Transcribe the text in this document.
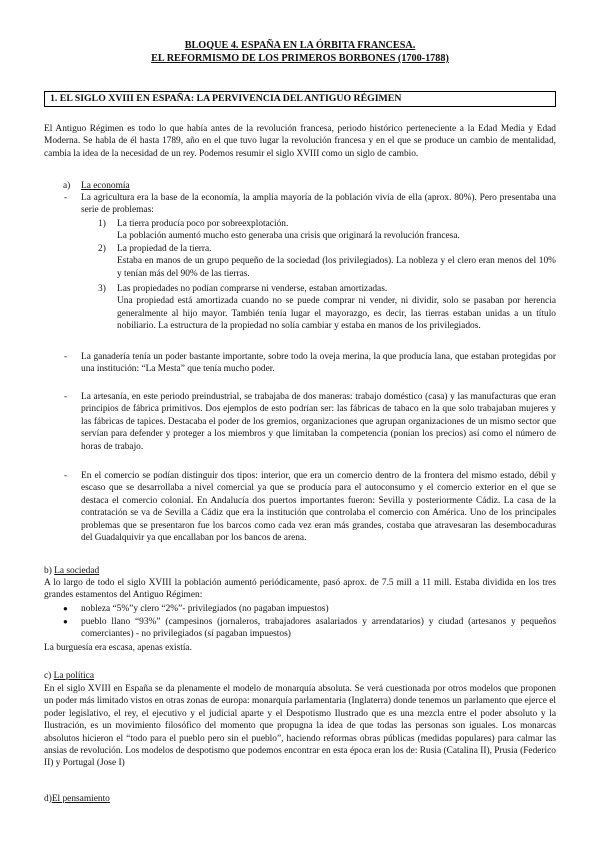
BLOQUE 4. ESPAÑA EN LA ÓRBITA FRANCESA.
EL REFORMISMO DE LOS PRIMEROS BORBONES (1700-1788)
1. EL SIGLO XVIII EN ESPAÑA: LA PERVIVENCIA DEL ANTIGUO RÉGIMEN
El Antiguo Régimen es todo lo que había antes de la revolución francesa, periodo histórico perteneciente a la Edad Media y Edad Moderna. Se habla de él hasta 1789, año en el que tuvo lugar la revolución francesa y en el que se produce un cambio de mentalidad, cambia la idea de la necesidad de un rey. Podemos resumir el siglo XVIII como un siglo de cambio.
a) La economía
- La agricultura era la base de la economía, la amplia mayoría de la población vivía de ella (aprox. 80%). Pero presentaba una serie de problemas:
1) La tierra producía poco por sobreexplotación.
La población aumentó mucho esto generaba una crisis que originará la revolución francesa.
2) La propiedad de la tierra.
Estaba en manos de un grupo pequeño de la sociedad (los privilegiados). La nobleza y el clero eran menos del 10% y tenían más del 90% de las tierras.
3) Las propiedades no podían comprarse ni venderse, estaban amortizadas.
Una propiedad está amortizada cuando no se puede comprar ni vender, ni dividir, solo se pasaban por herencia generalmente al hijo mayor. También tenía lugar el mayorazgo, es decir, las tierras estaban unidas a un título nobiliario. La estructura de la propiedad no solía cambiar y estaba en manos de los privilegiados.
- La ganadería tenía un poder bastante importante, sobre todo la oveja merina, la que producía lana, que estaban protegidas por una institución: “La Mesta” que tenía mucho poder.
- La artesanía, en este periodo preindustrial, se trabajaba de dos maneras: trabajo doméstico (casa) y las manufacturas que eran principios de fábrica primitivos. Dos ejemplos de esto podrían ser: las fábricas de tabaco en la que solo trabajaban mujeres y las fábricas de tapices. Destacaba el poder de los gremios, organizaciones que agrupan organizaciones de un mismo sector que servían para defender y proteger a los miembros y que limitaban la competencia (ponían los precios) así como el número de horas de trabajo.
- En el comercio se podían distinguir dos tipos: interior, que era un comercio dentro de la frontera del mismo estado, débil y escaso que se desarrollaba a nivel comercial ya que se producía para el autoconsumo y el comercio exterior en el que se destaca el comercio colonial. En Andalucía dos puertos importantes fueron: Sevilla y posteriormente Cádiz. La casa de la contratación se va de Sevilla a Cádiz que era la institución que controlaba el comercio con América. Uno de los principales problemas que se presentaron fue los barcos como cada vez eran más grandes, costaba que atravesaran las desembocaduras del Guadalquivir ya que encallaban por los bancos de arena.
b) La sociedad
A lo largo de todo el siglo XVIII la población aumentó periódicamente, pasó aprox. de 7.5 mill a 11 mill. Estaba dividida en los tres grandes estamentos del Antiguo Régimen:
● nobleza “5%”y clero “2%”- privilegiados (no pagaban impuestos)
● pueblo llano “93%” (campesinos (jornaleros, trabajadores asalariados y arrendatarios) y ciudad (artesanos y pequeños comerciantes) - no privilegiados (sí pagaban impuestos)
La burguesía era escasa, apenas existía.
c) La política
En el siglo XVIII en España se da plenamente el modelo de monarquía absoluta. Se verá cuestionada por otros modelos que proponen un poder más limitado vistos en otras zonas de europa: monarquía parlamentaria (Inglaterra) donde tenemos un parlamento que ejerce el poder legislativo, el rey, el ejecutivo y el judicial aparte y el Despotismo Ilustrado que es una mezcla entre el poder absoluto y la Ilustración, es un movimiento filosófico del momento que propugna la idea de que todas las personas son iguales. Los monarcas absolutos hicieron el “todo para el pueblo pero sin el pueblo”, haciendo reformas obras públicas (medidas populares) para calmar las ansias de revolución. Los modelos de despotismo que podemos encontrar en esta época eran los de: Rusia (Catalina II), Prusia (Federico II) y Portugal (Jose I)
d)El pensamiento
